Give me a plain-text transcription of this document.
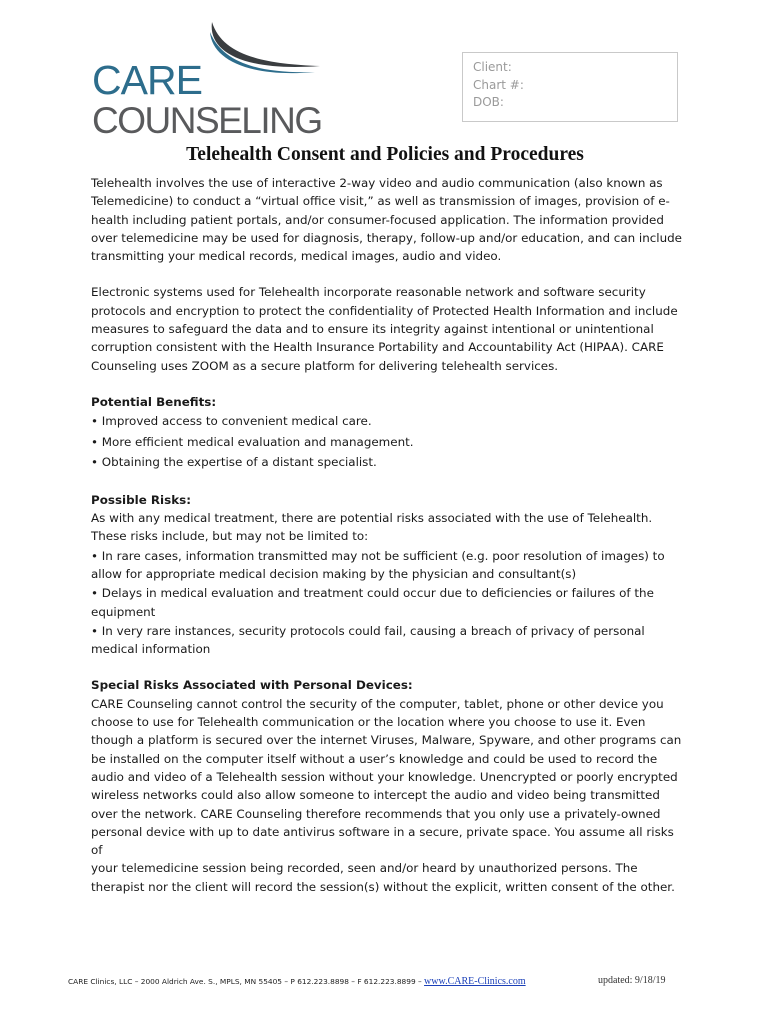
CARE
COUNSELING
Client:
Chart #:
DOB:
Telehealth Consent and Policies and Procedures

Telehealth involves the use of interactive 2-way video and audio communication (also known as

Telemedicine) to conduct a “virtual office visit,” as well as transmission of images, provision of e-

health including patient portals, and/or consumer-focused application. The information provided

over telemedicine may be used for diagnosis, therapy, follow-up and/or education, and can include

transmitting your medical records, medical images, audio and video.

Electronic systems used for Telehealth incorporate reasonable network and software security

protocols and encryption to protect the confidentiality of Protected Health Information and include

measures to safeguard the data and to ensure its integrity against intentional or unintentional

corruption consistent with the Health Insurance Portability and Accountability Act (HIPAA). CARE

Counseling uses ZOOM as a secure platform for delivering telehealth services.

Potential Benefits:

• Improved access to convenient medical care.

• More efficient medical evaluation and management.

• Obtaining the expertise of a distant specialist.

Possible Risks:

As with any medical treatment, there are potential risks associated with the use of Telehealth.

These risks include, but may not be limited to:

• In rare cases, information transmitted may not be sufficient (e.g. poor resolution of images) to

allow for appropriate medical decision making by the physician and consultant(s)

• Delays in medical evaluation and treatment could occur due to deficiencies or failures of the

equipment

• In very rare instances, security protocols could fail, causing a breach of privacy of personal

medical information

Special Risks Associated with Personal Devices:

CARE Counseling cannot control the security of the computer, tablet, phone or other device you

choose to use for Telehealth communication or the location where you choose to use it. Even

though a platform is secured over the internet Viruses, Malware, Spyware, and other programs can

be installed on the computer itself without a user’s knowledge and could be used to record the

audio and video of a Telehealth session without your knowledge. Unencrypted or poorly encrypted

wireless networks could also allow someone to intercept the audio and video being transmitted

over the network. CARE Counseling therefore recommends that you only use a privately-owned

personal device with up to date antivirus software in a secure, private space. You assume all risks of

your telemedicine session being recorded, seen and/or heard by unauthorized persons. The

therapist nor the client will record the session(s) without the explicit, written consent of the other.

CARE Clinics, LLC – 2000 Aldrich Ave. S., MPLS, MN 55405 – P 612.223.8898 – F 612.223.8899 – www.CARE-Clinics.com	updated: 9/18/19
